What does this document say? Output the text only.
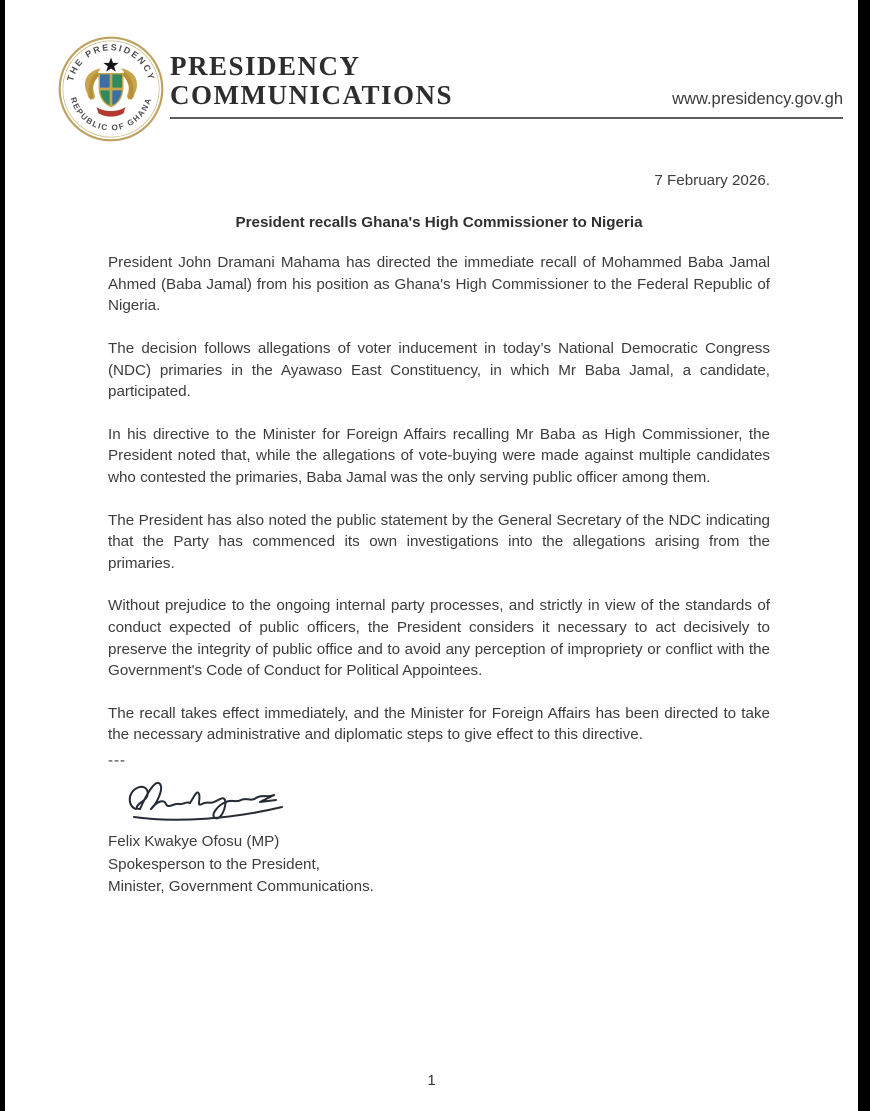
THE PRESIDENCY
REPUBLIC OF GHANA
PRESIDENCY
COMMUNICATIONS	www.presidency.gov.gh
7 February 2026.
President recalls Ghana's High Commissioner to Nigeria

President John Dramani Mahama has directed the immediate recall of Mohammed Baba Jamal Ahmed (Baba Jamal) from his position as Ghana's High Commissioner to the Federal Republic of Nigeria.

The decision follows allegations of voter inducement in today’s National Democratic Congress (NDC) primaries in the Ayawaso East Constituency, in which Mr Baba Jamal, a candidate, participated.

In his directive to the Minister for Foreign Affairs recalling Mr Baba as High Commissioner, the President noted that, while the allegations of vote-buying were made against multiple candidates who contested the primaries, Baba Jamal was the only serving public officer among them.

The President has also noted the public statement by the General Secretary of the NDC indicating that the Party has commenced its own investigations into the allegations arising from the primaries.

Without prejudice to the ongoing internal party processes, and strictly in view of the standards of conduct expected of public officers, the President considers it necessary to act decisively to preserve the integrity of public office and to avoid any perception of impropriety or conflict with the Government's Code of Conduct for Political Appointees.

The recall takes effect immediately, and the Minister for Foreign Affairs has been directed to take the necessary administrative and diplomatic steps to give effect to this directive.

---
Felix Kwakye Ofosu (MP)
Spokesperson to the President,
Minister, Government Communications.
1
